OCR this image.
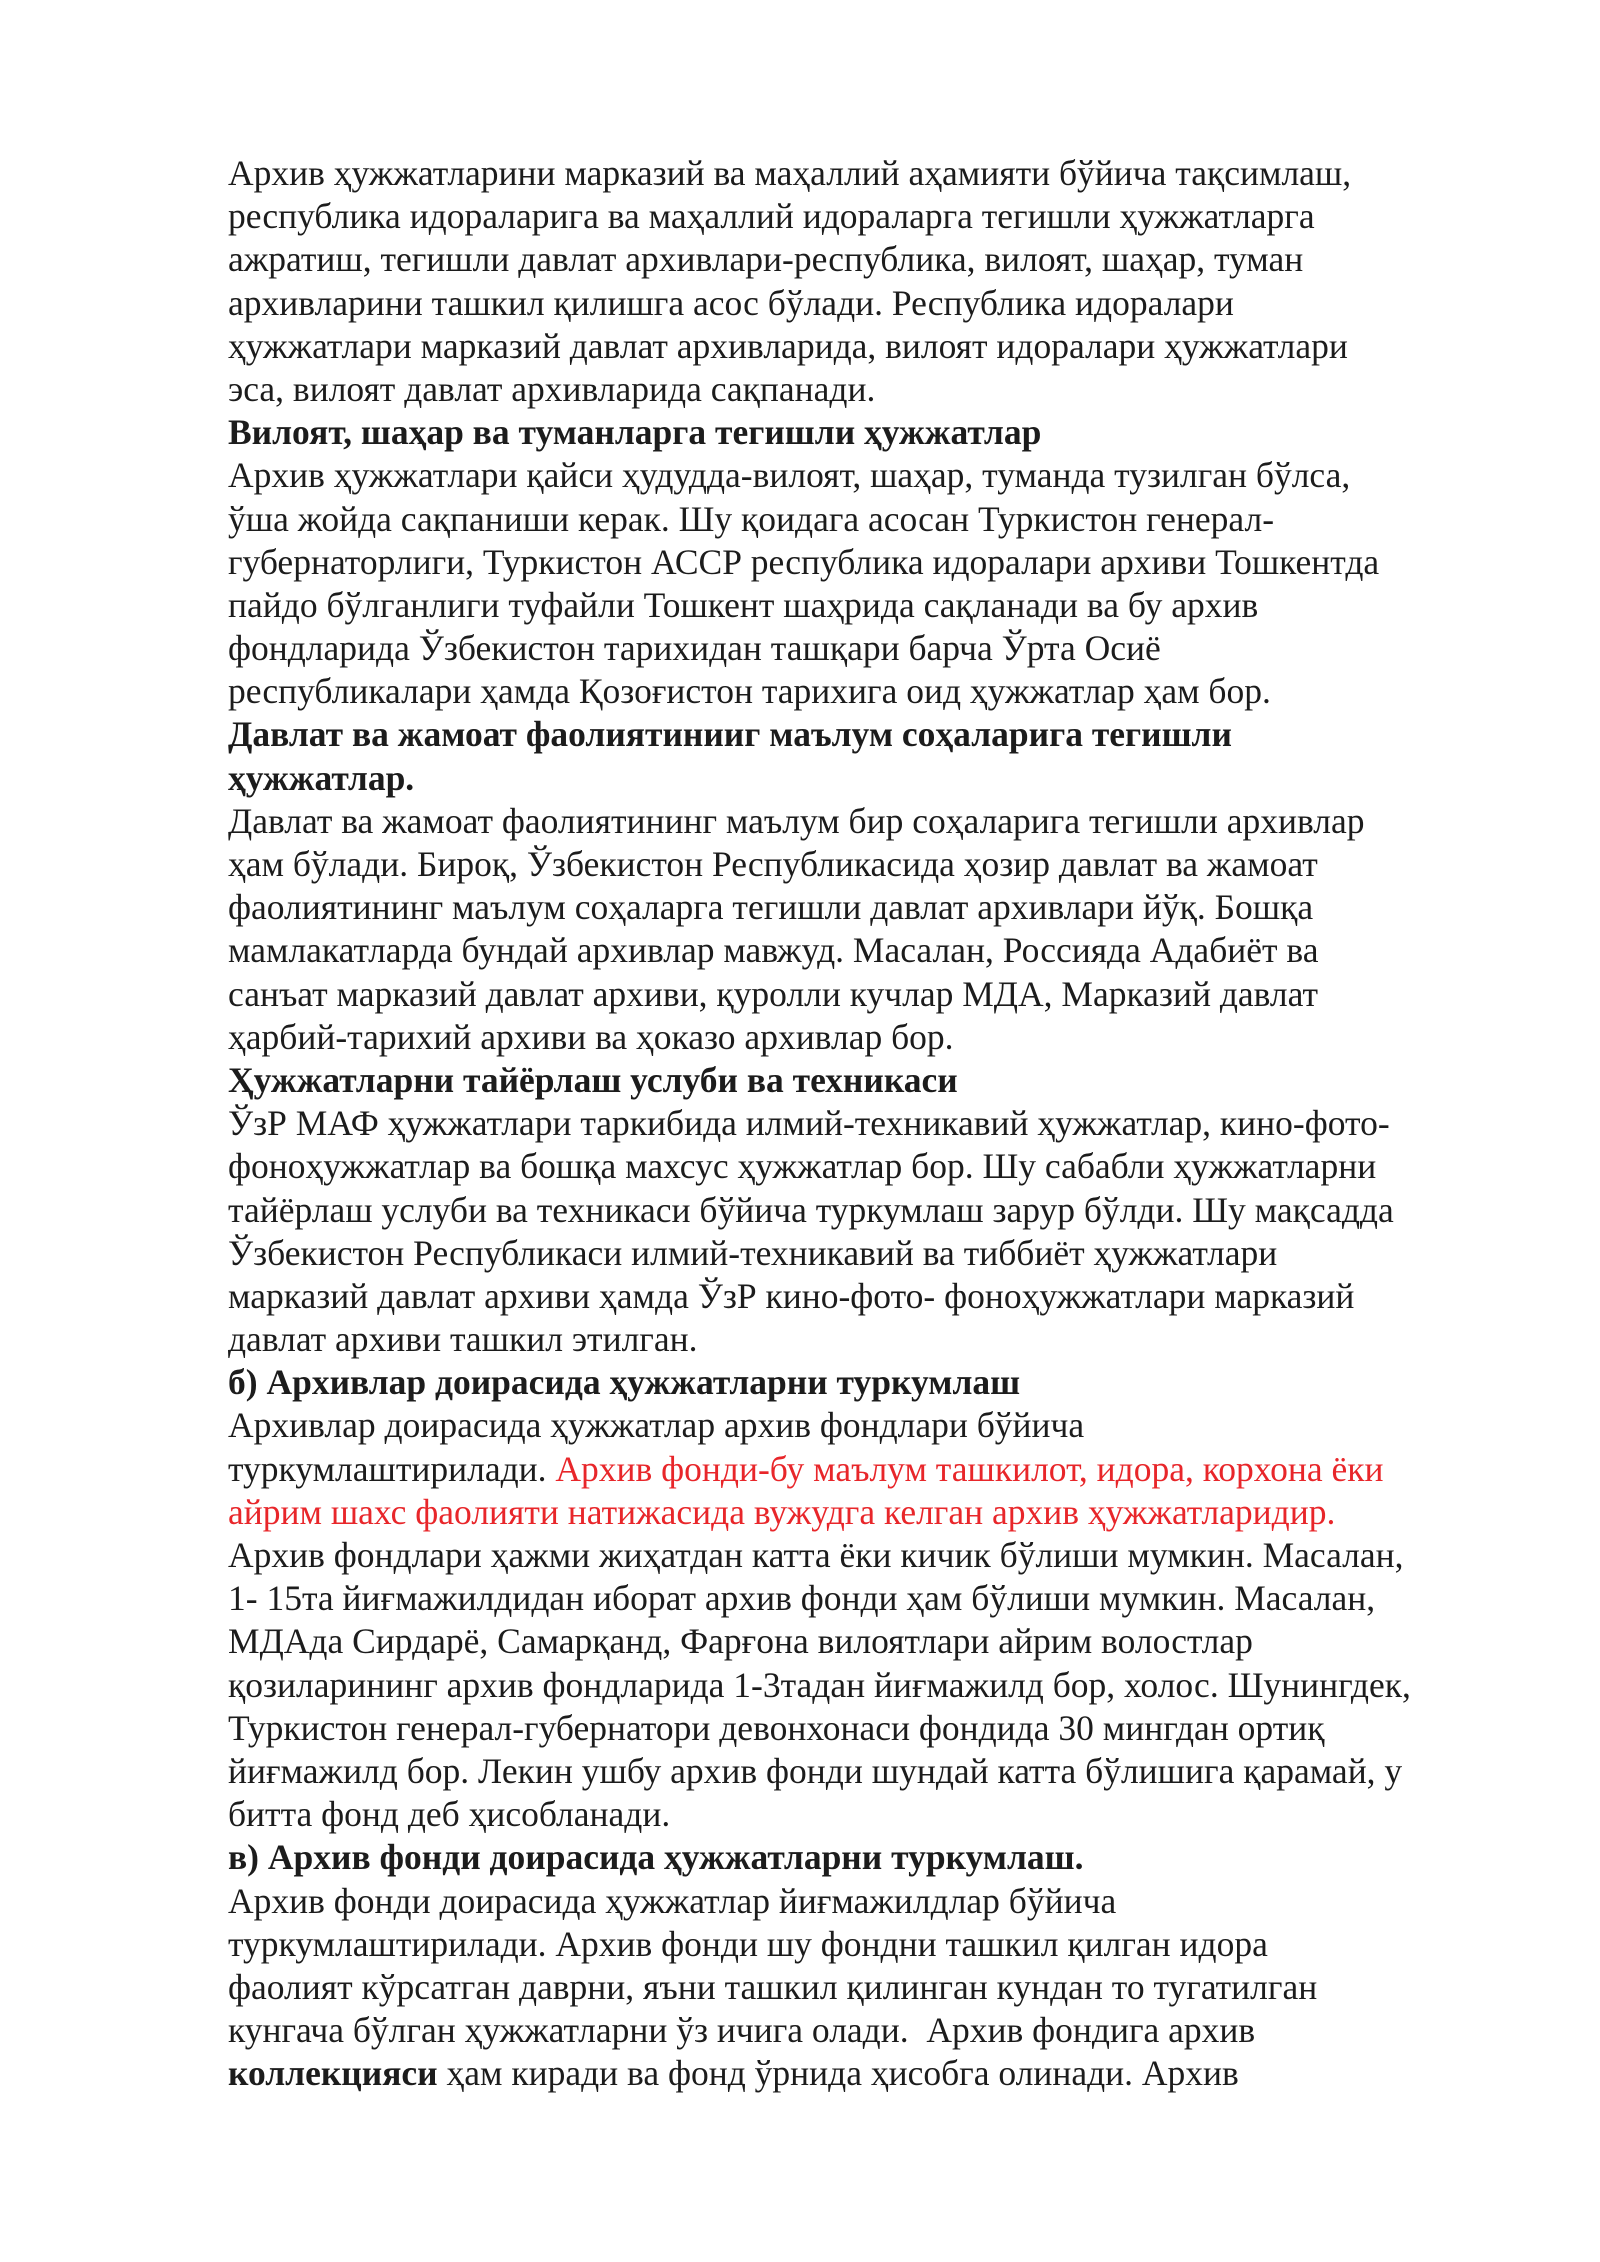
Архив ҳужжатларини марказий ва маҳаллий аҳамияти бўйича тақсимлаш,
республика идораларига ва маҳаллий идораларга тегишли ҳужжатларга
ажратиш, тегишли давлат архивлари-республика, вилоят, шаҳар, туман
архивларини ташкил қилишга асос бўлади. Республика идоралари
ҳужжатлари марказий давлат архивларида, вилоят идоралари ҳужжатлари
эса, вилоят давлат архивларида сақпанади.
Вилоят, шаҳар ва туманларга тегишли ҳужжатлар
Архив ҳужжатлари қайси ҳудудда-вилоят, шаҳар, туманда тузилган бўлса,
ўша жойда сақпаниши керак. Шу қоидага асосан Туркистон генерал-
губернаторлиги, Туркистон АССР республика идоралари архиви Тошкентда
пайдо бўлганлиги туфайли Тошкент шаҳрида сақланади ва бу архив
фондларида Ўзбекистон тарихидан ташқари барча Ўрта Осиё
республикалари ҳамда Қозоғистон тарихига оид ҳужжатлар ҳам бор.
Давлат ва жамоат фаолиятинииг маълум соҳаларига тегишли
ҳужжатлар.
Давлат ва жамоат фаолиятининг маълум бир соҳаларига тегишли архивлар
ҳам бўлади. Бироқ, Ўзбекистон Республикасида ҳозир давлат ва жамоат
фаолиятининг маълум соҳаларга тегишли давлат архивлари йўқ. Бошқа
мамлакатларда бундай архивлар мавжуд. Масалан, Россияда Адабиёт ва
санъат марказий давлат архиви, қуролли кучлар МДА, Марказий давлат
ҳарбий-тарихий архиви ва ҳоказо архивлар бор.
Ҳужжатларни тайёрлаш услуби ва техникаси
ЎзР МАФ ҳужжатлари таркибида илмий-техникавий ҳужжатлар, кино-фото-
фоноҳужжатлар ва бошқа махсус ҳужжатлар бор. Шу сабабли ҳужжатларни
тайёрлаш услуби ва техникаси бўйича туркумлаш зарур бўлди. Шу мақсадда
Ўзбекистон Республикаси илмий-техникавий ва тиббиёт ҳужжатлари
марказий давлат архиви ҳамда ЎзР кино-фото- фоноҳужжатлари марказий
давлат архиви ташкил этилган.
б) Архивлар доирасида ҳужжатларни туркумлаш
Архивлар доирасида ҳужжатлар архив фондлари бўйича
туркумлаштирилади. Архив фонди-бу маълум ташкилот, идора, корхона ёки
айрим шахс фаолияти натижасида вужудга келган архив ҳужжатларидир.
Архив фондлари ҳажми жиҳатдан катта ёки кичик бўлиши мумкин. Масалан,
1- 15та йиғмажилдидан иборат архив фонди ҳам бўлиши мумкин. Масалан,
МДАда Сирдарё, Самарқанд, Фарғона вилоятлари айрим волостлар
қозиларининг архив фондларида 1-3тадан йиғмажилд бор, холос. Шунингдек,
Туркистон генерал-губернатори девонхонаси фондида 30 мингдан ортиқ
йиғмажилд бор. Лекин ушбу архив фонди шундай катта бўлишига қарамай, у
битта фонд деб ҳисобланади.
в) Архив фонди доирасида ҳужжатларни туркумлаш.
Архив фонди доирасида ҳужжатлар йиғмажилдлар бўйича
туркумлаштирилади. Архив фонди шу фондни ташкил қилган идора
фаолият кўрсатган даврни, яъни ташкил қилинган кундан то тугатилган
кунгача бўлган ҳужжатларни ўз ичига олади.  Архив фондига архив
коллекцияси ҳам киради ва фонд ўрнида ҳисобга олинади. Архив
